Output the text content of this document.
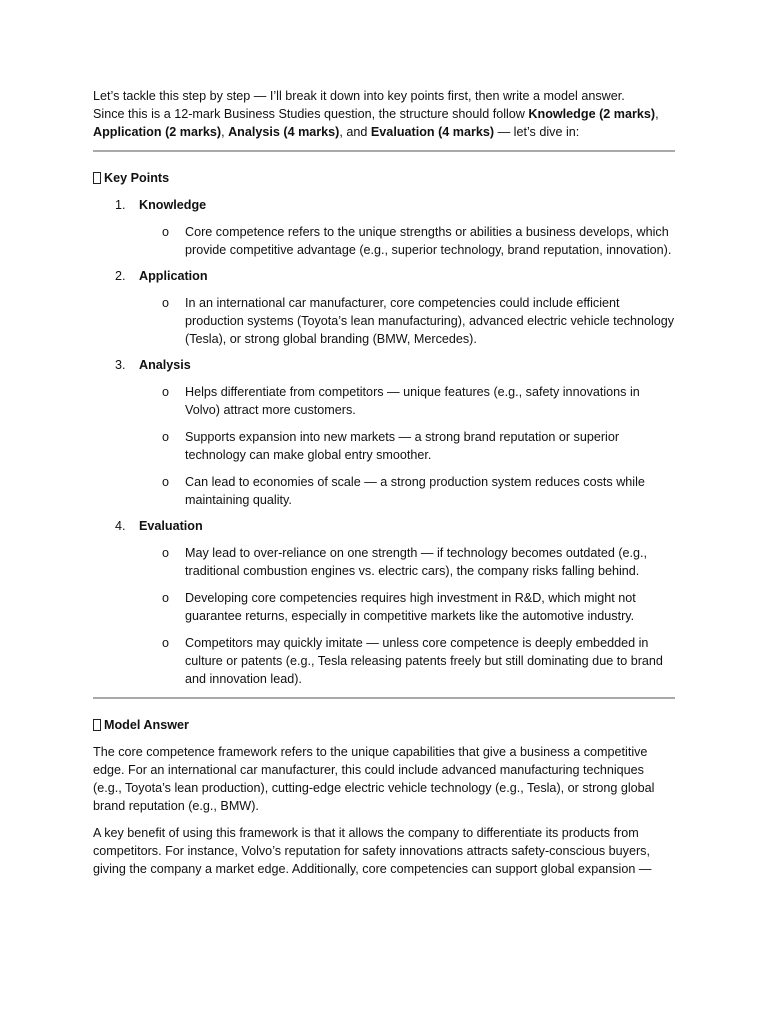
Let’s tackle this step by step — I’ll break it down into key points first, then write a model answer.
Since this is a 12-mark Business Studies question, the structure should follow Knowledge (2 marks), Application (2 marks), Analysis (4 marks), and Evaluation (4 marks) — let’s dive in:

Key Points
1. Knowledge
o Core competence refers to the unique strengths or abilities a business develops, which provide competitive advantage (e.g., superior technology, brand reputation, innovation).
2. Application
o In an international car manufacturer, core competencies could include efficient production systems (Toyota’s lean manufacturing), advanced electric vehicle technology (Tesla), or strong global branding (BMW, Mercedes).
3. Analysis
o Helps differentiate from competitors — unique features (e.g., safety innovations in Volvo) attract more customers.
o Supports expansion into new markets — a strong brand reputation or superior technology can make global entry smoother.
o Can lead to economies of scale — a strong production system reduces costs while maintaining quality.
4. Evaluation
o May lead to over-reliance on one strength — if technology becomes outdated (e.g., traditional combustion engines vs. electric cars), the company risks falling behind.
o Developing core competencies requires high investment in R&D, which might not guarantee returns, especially in competitive markets like the automotive industry.
o Competitors may quickly imitate — unless core competence is deeply embedded in culture or patents (e.g., Tesla releasing patents freely but still dominating due to brand and innovation lead).
Model Answer

The core competence framework refers to the unique capabilities that give a business a competitive edge. For an international car manufacturer, this could include advanced manufacturing techniques (e.g., Toyota’s lean production), cutting-edge electric vehicle technology (e.g., Tesla), or strong global brand reputation (e.g., BMW).

A key benefit of using this framework is that it allows the company to differentiate its products from competitors. For instance, Volvo’s reputation for safety innovations attracts safety-conscious buyers, giving the company a market edge. Additionally, core competencies can support global expansion —
